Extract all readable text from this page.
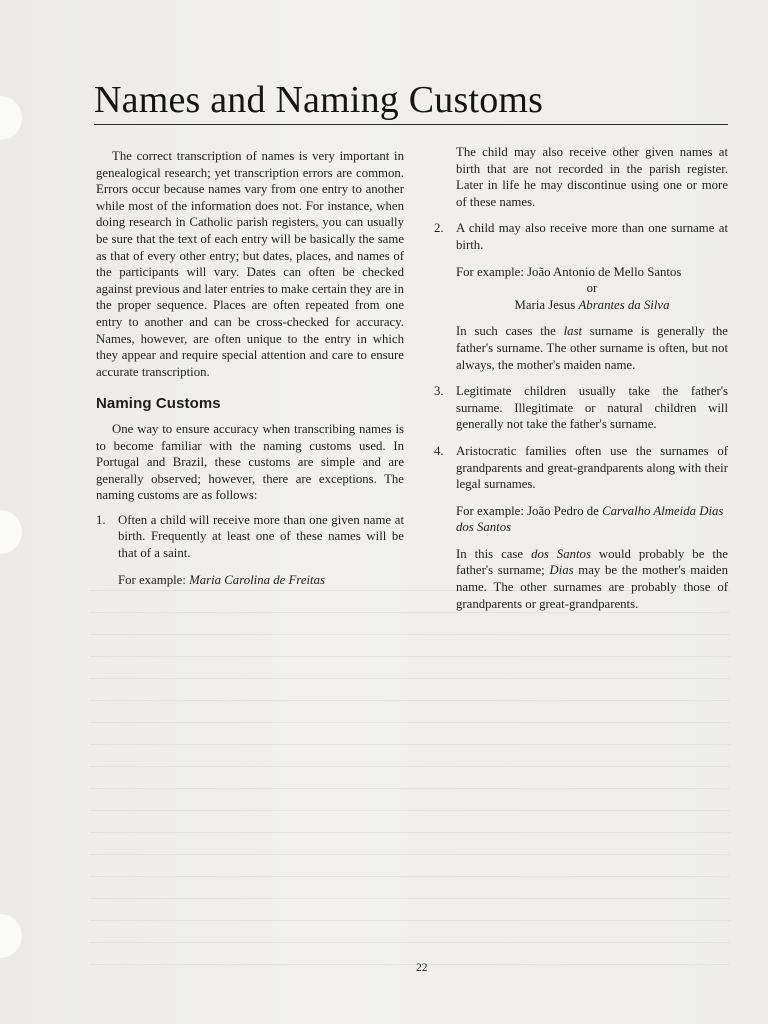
Names and Naming Customs

The correct transcription of names is very important in genealogical research; yet transcription errors are common. Errors occur because names vary from one entry to another while most of the information does not. For instance, when doing research in Catholic parish registers, you can usually be sure that the text of each entry will be basically the same as that of every other entry; but dates, places, and names of the participants will vary. Dates can often be checked against previous and later entries to make certain they are in the proper sequence. Places are often repeated from one entry to another and can be cross-checked for accuracy. Names, however, are often unique to the entry in which they appear and require special attention and care to ensure accurate transcription.

Naming Customs

One way to ensure accuracy when transcribing names is to become familiar with the naming customs used. In Portugal and Brazil, these customs are simple and are generally observed; however, there are exceptions. The naming customs are as follows:

1. Often a child will receive more than one given name at birth. Frequently at least one of these names will be that of a saint.

For example: Maria Carolina de Freitas

The child may also receive other given names at birth that are not recorded in the parish register. Later in life he may discontinue using one or more of these names.

2. A child may also receive more than one surname at birth.

For example: João Antonio de Mello Santos

or

Maria Jesus Abrantes da Silva

In such cases the last surname is generally the father's surname. The other surname is often, but not always, the mother's maiden name.

3. Legitimate children usually take the father's surname. Illegitimate or natural children will generally not take the father's surname.

4. Aristocratic families often use the surnames of grandparents and great-grandparents along with their legal surnames.

For example: João Pedro de Carvalho Almeida Dias dos Santos

In this case dos Santos would probably be the father's surname; Dias may be the mother's maiden name. The other surnames are probably those of grandparents or great-grandparents.

22
